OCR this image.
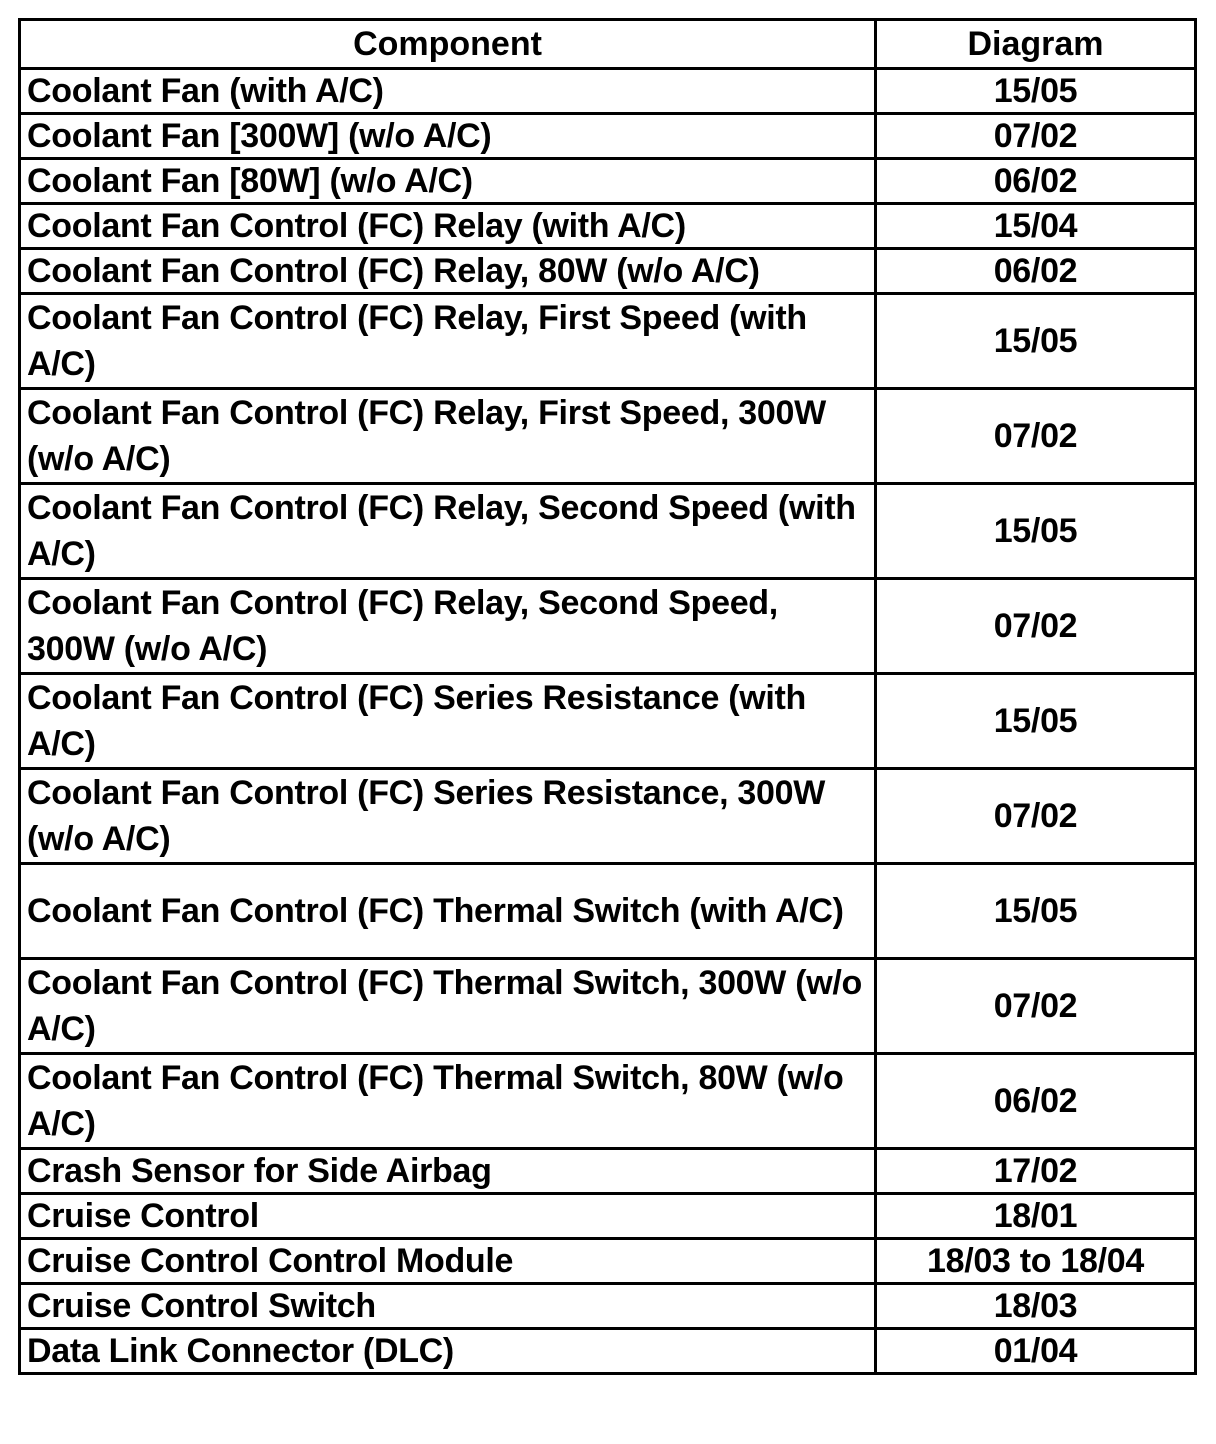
Component	Diagram
Coolant Fan (with A/C)	15/05
Coolant Fan [300W] (w/o A/C)	07/02
Coolant Fan [80W] (w/o A/C)	06/02
Coolant Fan Control (FC) Relay (with A/C)	15/04
Coolant Fan Control (FC) Relay, 80W (w/o A/C)	06/02
Coolant Fan Control (FC) Relay, First Speed (with A/C)	15/05
Coolant Fan Control (FC) Relay, First Speed, 300W (w/o A/C)	07/02
Coolant Fan Control (FC) Relay, Second Speed (with A/C)	15/05
Coolant Fan Control (FC) Relay, Second Speed, 300W (w/o A/C)	07/02
Coolant Fan Control (FC) Series Resistance (with A/C)	15/05
Coolant Fan Control (FC) Series Resistance, 300W (w/o A/C)	07/02
Coolant Fan Control (FC) Thermal Switch (with A/C)	15/05
Coolant Fan Control (FC) Thermal Switch, 300W (w/o A/C)	07/02
Coolant Fan Control (FC) Thermal Switch, 80W (w/o A/C)	06/02
Crash Sensor for Side Airbag	17/02
Cruise Control	18/01
Cruise Control Control Module	18/03 to 18/04
Cruise Control Switch	18/03
Data Link Connector (DLC)	01/04
